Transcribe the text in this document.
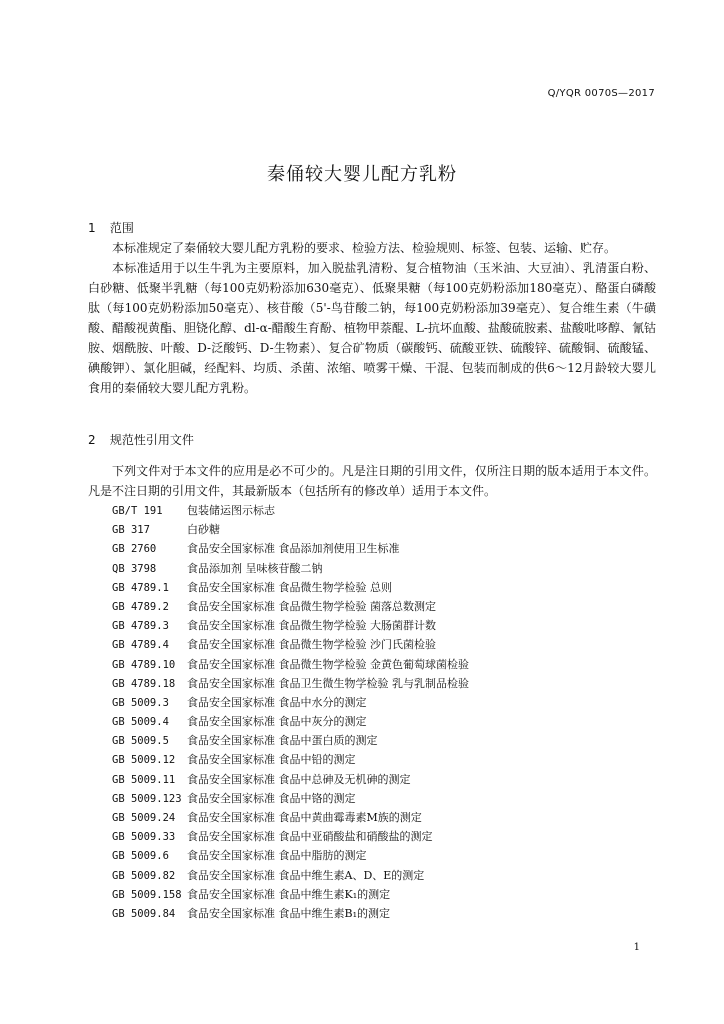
Q/YQR 0070S—2017
秦俑较大婴儿配方乳粉
1 范围

本标准规定了秦俑较大婴儿配方乳粉的要求、检验方法、检验规则、标签、包装、运输、贮存。

本标准适用于以生牛乳为主要原料，加入脱盐乳清粉、复合植物油（玉米油、大豆油）、乳清蛋白粉、白砂糖、低聚半乳糖（每100克奶粉添加630毫克）、低聚果糖（每100克奶粉添加180毫克）、酪蛋白磷酸肽（每100克奶粉添加50毫克）、核苷酸（5'-鸟苷酸二钠，每100克奶粉添加39毫克）、复合维生素（牛磺酸、醋酸视黄酯、胆铙化醇、dl-α-醋酸生育酚、植物甲萘醌、L-抗坏血酸、盐酸硫胺素、盐酸吡哆醇、氰钴胺、烟酰胺、叶酸、D-泛酸钙、D-生物素）、复合矿物质（碳酸钙、硫酸亚铁、硫酸锌、硫酸铜、硫酸锰、碘酸钾）、氯化胆碱，经配料、均质、杀菌、浓缩、喷雾干燥、干混、包装而制成的供6～12月龄较大婴儿食用的秦俑较大婴儿配方乳粉。

2 规范性引用文件

下列文件对于本文件的应用是必不可少的。凡是注日期的引用文件，仅所注日期的版本适用于本文件。凡是不注日期的引用文件，其最新版本（包括所有的修改单）适用于本文件。

GB/T 191 包装储运图示标志
GB 317	白砂糖
GB 2760	食品安全国家标准 食品添加剂使用卫生标准
QB 3798	食品添加剂 呈味核苷酸二钠
GB 4789.1 食品安全国家标准 食品微生物学检验 总则
GB 4789.2 食品安全国家标准 食品微生物学检验 菌落总数测定
GB 4789.3 食品安全国家标准 食品微生物学检验 大肠菌群计数
GB 4789.4 食品安全国家标准 食品微生物学检验 沙门氏菌检验
GB 4789.10 食品安全国家标准 食品微生物学检验 金黄色葡萄球菌检验
GB 4789.18 食品安全国家标准 食品卫生微生物学检验 乳与乳制品检验
GB 5009.3 食品安全国家标准 食品中水分的测定
GB 5009.4 食品安全国家标准 食品中灰分的测定
GB 5009.5 食品安全国家标准 食品中蛋白质的测定
GB 5009.12 食品安全国家标准 食品中铅的测定
GB 5009.11 食品安全国家标准 食品中总砷及无机砷的测定
GB 5009.123 食品安全国家标准 食品中铬的测定
GB 5009.24 食品安全国家标准 食品中黄曲霉毒素M族的测定
GB 5009.33 食品安全国家标准 食品中亚硝酸盐和硝酸盐的测定
GB 5009.6 食品安全国家标准 食品中脂肪的测定
GB 5009.82 食品安全国家标准 食品中维生素A、D、E的测定
GB 5009.158 食品安全国家标准 食品中维生素K₁的测定
GB 5009.84 食品安全国家标准 食品中维生素B₁的测定
1
